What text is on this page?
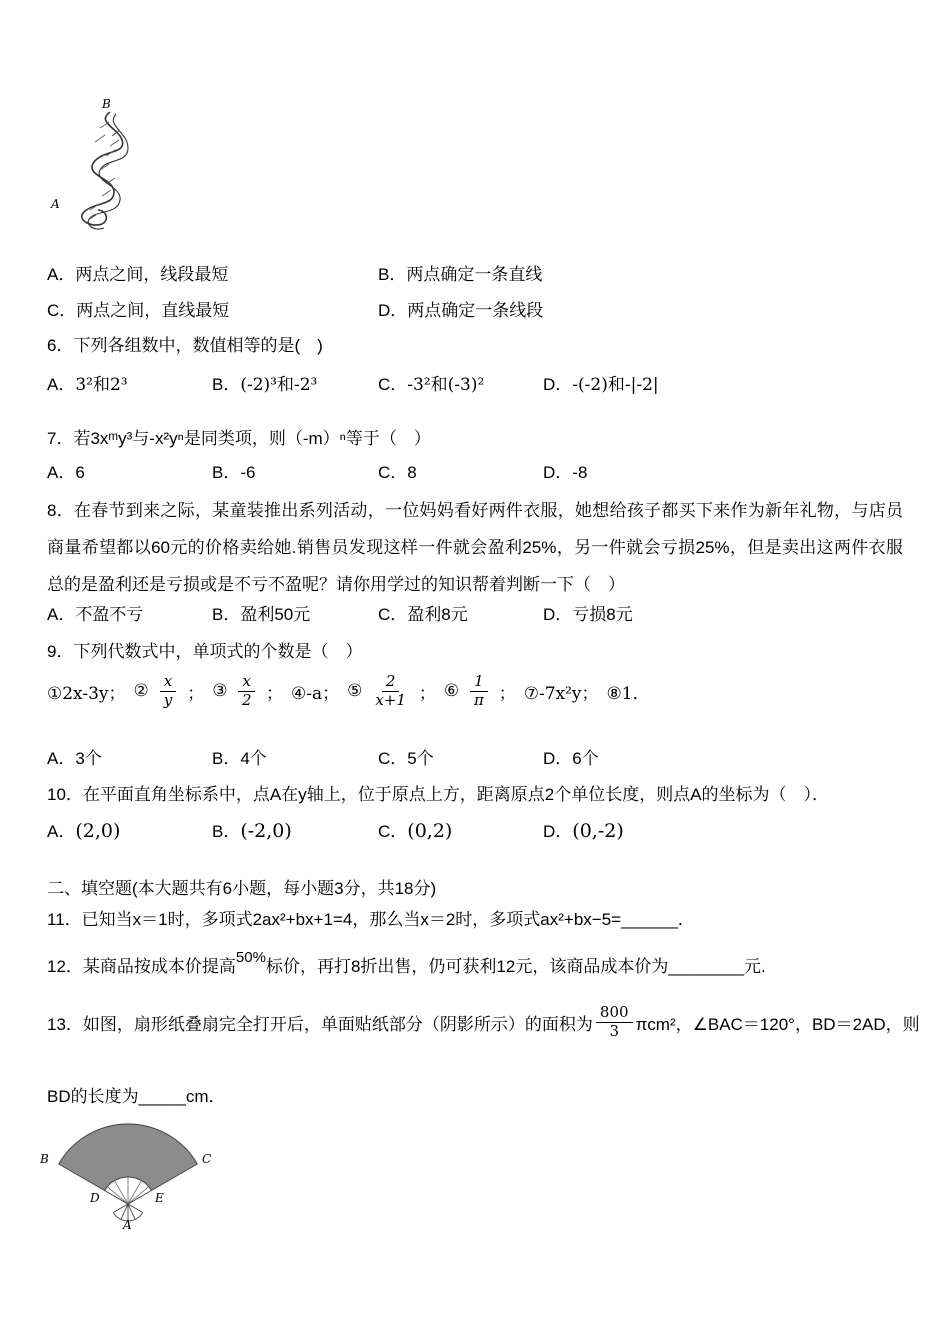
B
A
A．两点之间，线段最短	B．两点确定一条直线
C．两点之间，直线最短	D．两点确定一条线段
6．下列各组数中，数值相等的是(　)
A．3²和2³	B．(-2)³和-2³	C．-3²和(-3)²	D．-(-2)和-|-2|
7．若3xᵐy³与-x²yⁿ是同类项，则（-m）ⁿ等于（　）
A．6	B．-6	C．8	D．-8
8．在春节到来之际，某童装推出系列活动，一位妈妈看好两件衣服，她想给孩子都买下来作为新年礼物，与店员商量希望都以60元的价格卖给她.销售员发现这样一件就会盈利25%，另一件就会亏损25%，但是卖出这两件衣服总的是盈利还是亏损或是不亏不盈呢？请你用学过的知识帮着判断一下（　）
A．不盈不亏	B．盈利50元	C．盈利8元	D．亏损8元
9．下列代数式中，单项式的个数是（　）
①2x-3y； ② $\frac{x}{y}$ ； ③ $\frac{x}{2}$ ； ④-a； ⑤ $\frac{2}{x+1}$ ； ⑥ $\frac{1}{\pi}$ ； ⑦-7x²y； ⑧1．
A．3个	B．4个	C．5个	D．6个
10．在平面直角坐标系中，点A在y轴上，位于原点上方，距离原点2个单位长度，则点A的坐标为（　）．
A．(2,0)	B．(-2,0)	C．(0,2)	D．(0,-2)
二、填空题(本大题共有6小题，每小题3分，共18分)
11．已知当x＝1时，多项式2ax²+bx+1=4，那么当x＝2时，多项式ax²+bx−5=______．
12．某商品按成本价提高50%标价，再打8折出售，仍可获利12元，该商品成本价为________元.
13．如图，扇形纸叠扇完全打开后，单面贴纸部分（阴影所示）的面积为 $\frac{800}{3} \pi cm^2$，∠BAC＝120°，BD＝2AD，则
BD的长度为_____cm．
B	C
D	E
A
